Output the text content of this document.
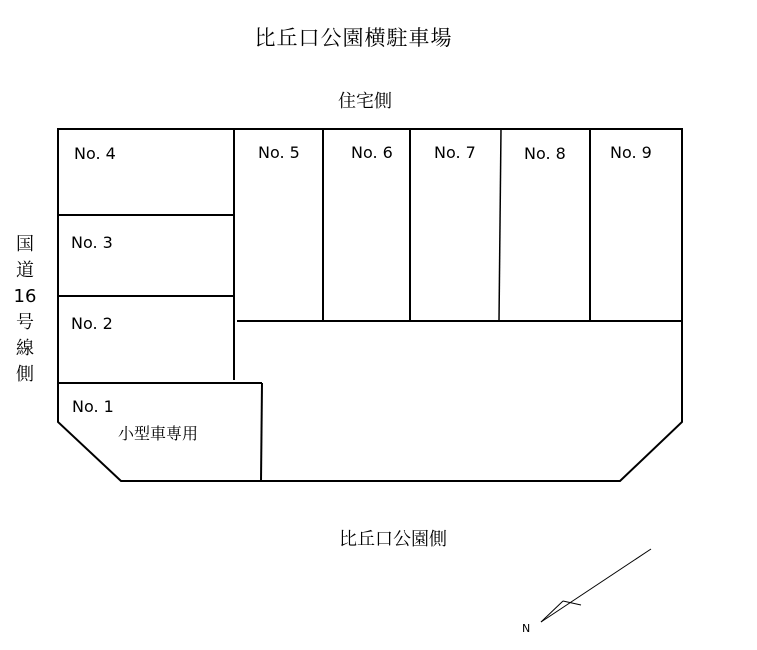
比丘口公園横駐車場
住宅側
国
道
16
号
線
側
比丘口公園側
No. 4
No. 3
No. 2
No. 1
小型車専用
No. 5	No. 6	No. 7	No. 8	No. 9
N
